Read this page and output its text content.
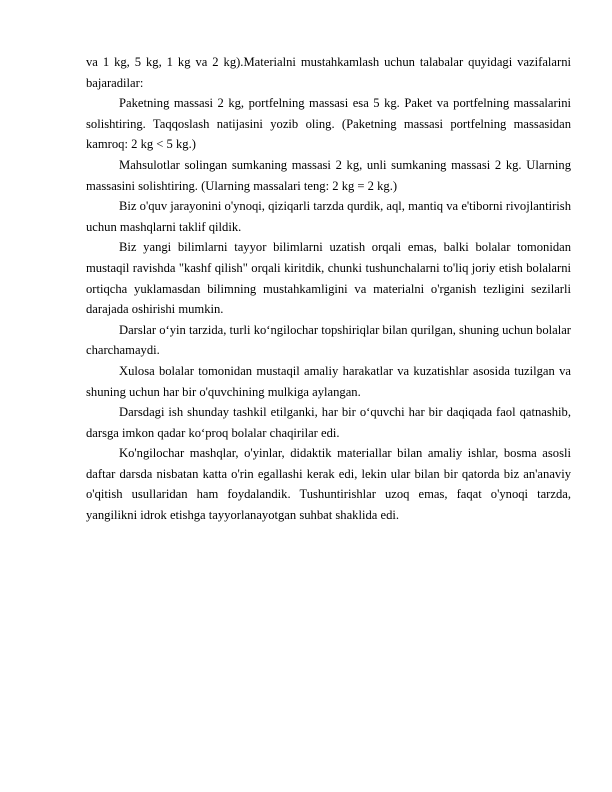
va 1 kg, 5 kg, 1 kg va 2 kg).Materialni mustahkamlash uchun talabalar quyidagi vazifalarni bajaradilar:

Paketning massasi 2 kg, portfelning massasi esa 5 kg. Paket va portfelning massalarini solishtiring. Taqqoslash natijasini yozib oling. (Paketning massasi portfelning massasidan kamroq: 2 kg < 5 kg.)

Mahsulotlar solingan sumkaning massasi 2 kg, unli sumkaning massasi 2 kg. Ularning massasini solishtiring. (Ularning massalari teng: 2 kg = 2 kg.)

Biz o'quv jarayonini o'ynoqi, qiziqarli tarzda qurdik, aql, mantiq va e'tiborni rivojlantirish uchun mashqlarni taklif qildik.

Biz yangi bilimlarni tayyor bilimlarni uzatish orqali emas, balki bolalar tomonidan mustaqil ravishda "kashf qilish" orqali kiritdik, chunki tushunchalarni to'liq joriy etish bolalarni ortiqcha yuklamasdan bilimning mustahkamligini va materialni o'rganish tezligini sezilarli darajada oshirishi mumkin.

Darslar o‘yin tarzida, turli ko‘ngilochar topshiriqlar bilan qurilgan, shuning uchun bolalar charchamaydi.

Xulosa bolalar tomonidan mustaqil amaliy harakatlar va kuzatishlar asosida tuzilgan va shuning uchun har bir o'quvchining mulkiga aylangan.

Darsdagi ish shunday tashkil etilganki, har bir o‘quvchi har bir daqiqada faol qatnashib, darsga imkon qadar ko‘proq bolalar chaqirilar edi.

Ko'ngilochar mashqlar, o'yinlar, didaktik materiallar bilan amaliy ishlar, bosma asosli daftar darsda nisbatan katta o'rin egallashi kerak edi, lekin ular bilan bir qatorda biz an'anaviy o'qitish usullaridan ham foydalandik. Tushuntirishlar uzoq emas, faqat o'ynoqi tarzda, yangilikni idrok etishga tayyorlanayotgan suhbat shaklida edi.
